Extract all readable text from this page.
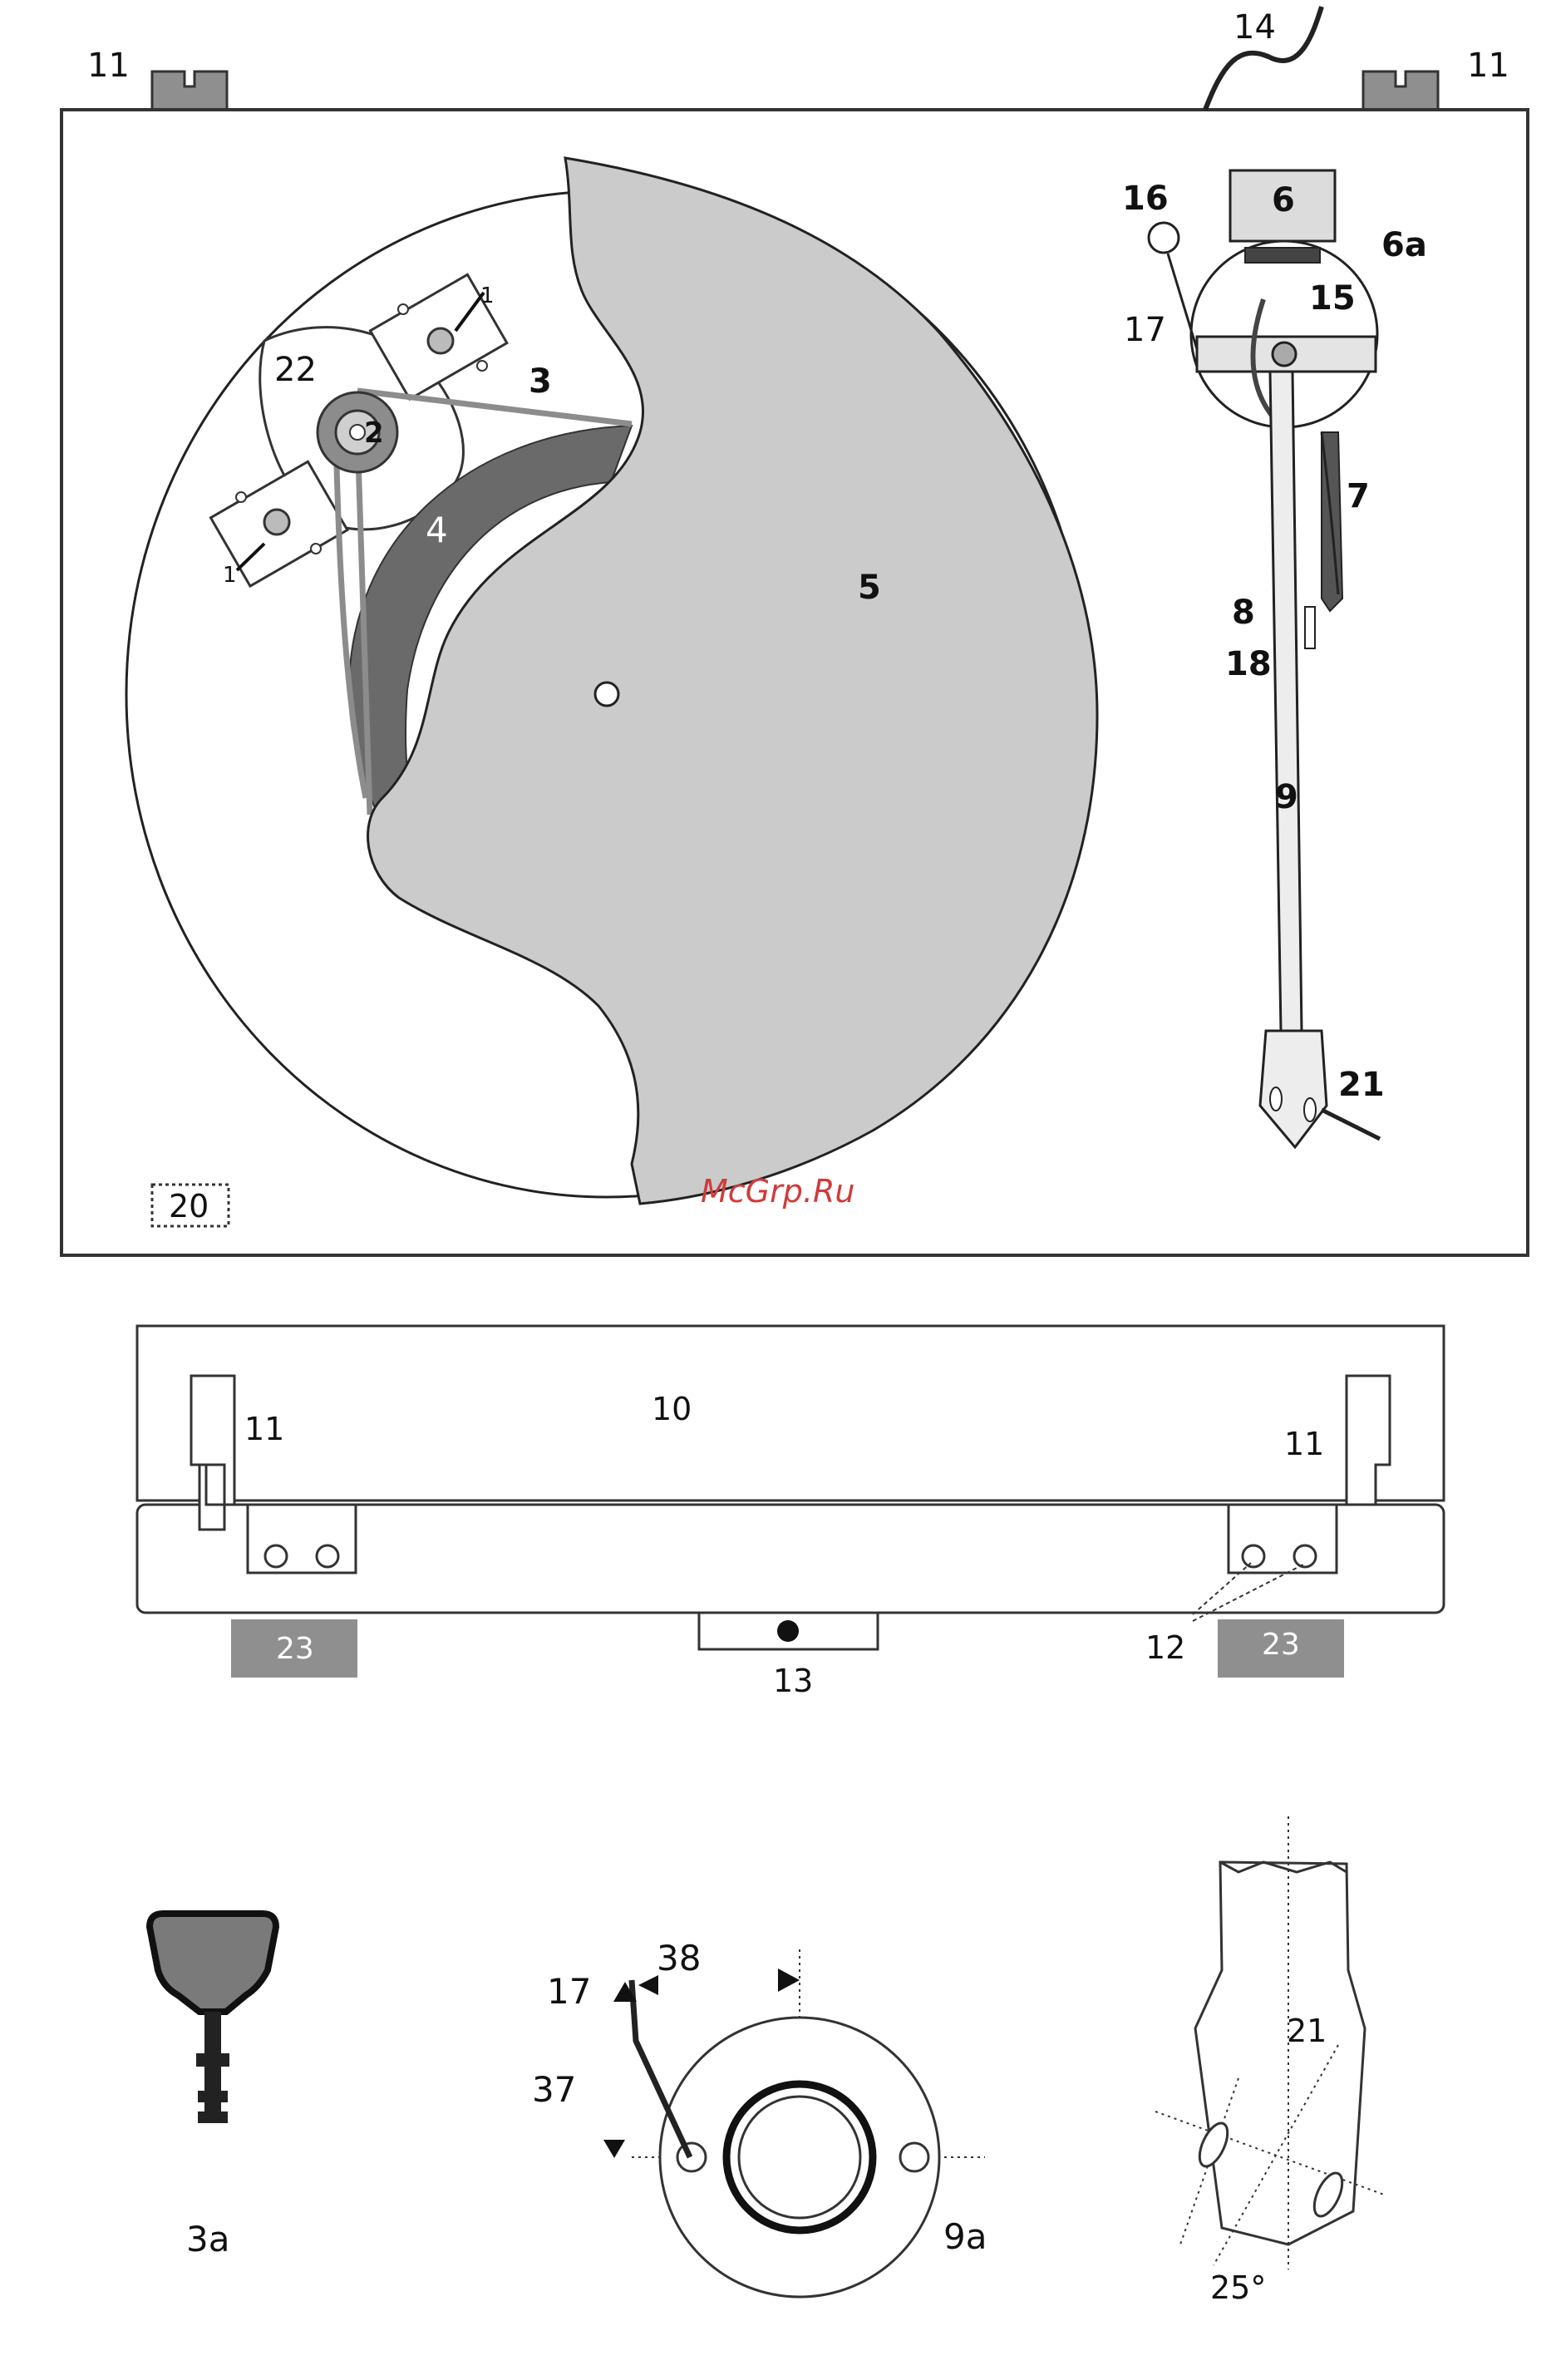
11	11
14
16	6
6a
15
17
22	3
2
4
1
1	5
7
8
18
9
21
20	McGrp.Ru
23	23
10
11	11
12
13
3a
17
38
37
9a
21
25°
